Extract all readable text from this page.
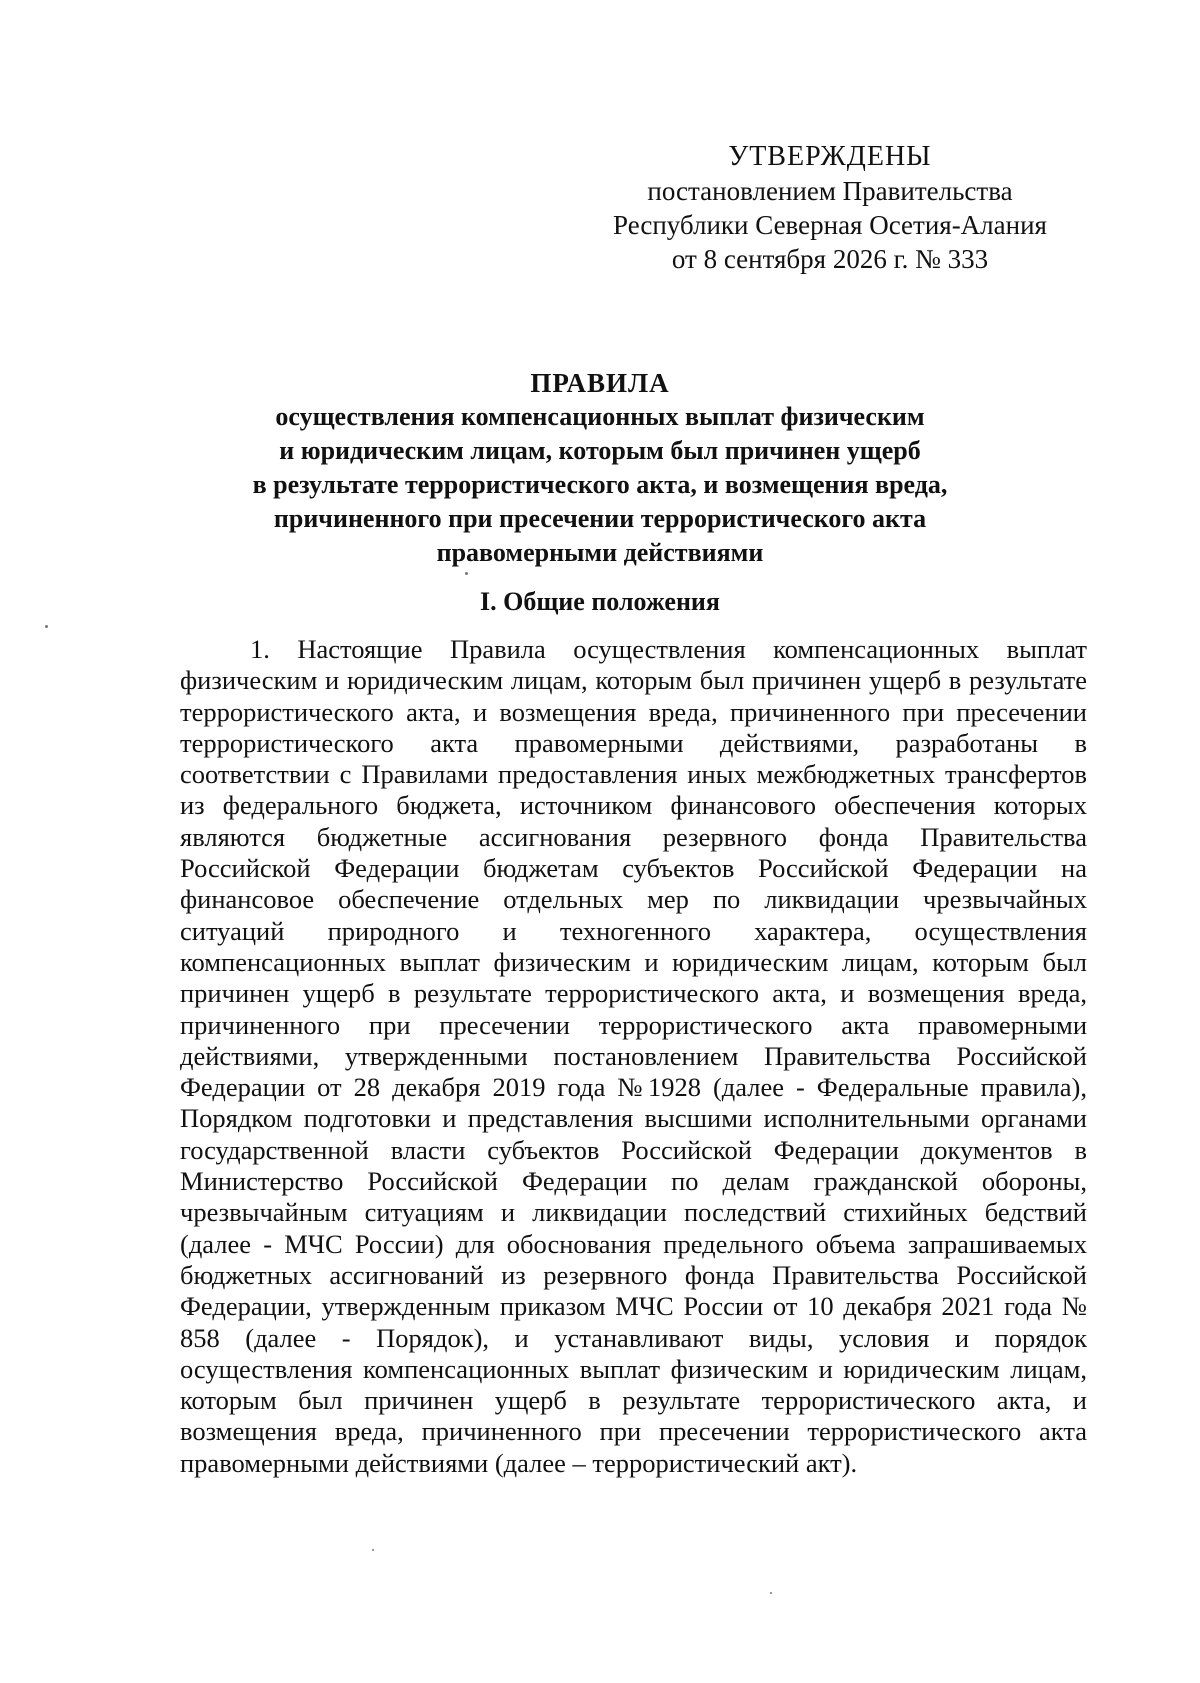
УТВЕРЖДЕНЫ
постановлением Правительства
Республики Северная Осетия-Алания
от 8 сентября 2026 г. № 333
ПРАВИЛА
осуществления компенсационных выплат физическим
и юридическим лицам, которым был причинен ущерб
в результате террористического акта, и возмещения вреда,
причиненного при пресечении террористического акта
правомерными действиями
I. Общие положения

1. Настоящие Правила осуществления компенсационных выплат физическим и юридическим лицам, которым был причинен ущерб в результате террористического акта, и возмещения вреда, причиненного при пресечении террористического акта правомерными действиями, разработаны в соответствии с Правилами предоставления иных межбюджетных трансфертов из федерального бюджета, источником финансового обеспечения которых являются бюджетные ассигнования резервного фонда Правительства Российской Федерации бюджетам субъектов Российской Федерации на финансовое обеспечение отдельных мер по ликвидации чрезвычайных ситуаций природного и техногенного характера, осуществления компенсационных выплат физическим и юридическим лицам, которым был причинен ущерб в результате террористического акта, и возмещения вреда, причиненного при пресечении террористического акта правомерными действиями, утвержденными постановлением Правительства Российской Федерации от 28 декабря 2019 года №1928 (далее - Федеральные правила), Порядком подготовки и представления высшими исполнительными органами государственной власти субъектов Российской Федерации документов в Министерство Российской Федерации по делам гражданской обороны, чрезвычайным ситуациям и ликвидации последствий стихийных бедствий (далее - МЧС России) для обоснования предельного объема запрашиваемых бюджетных ассигнований из резервного фонда Правительства Российской Федерации, утвержденным приказом МЧС России от 10 декабря 2021 года № 858 (далее - Порядок), и устанавливают виды, условия и порядок осуществления компенсационных выплат физическим и юридическим лицам, которым был причинен ущерб в результате террористического акта, и возмещения вреда, причиненного при пресечении террористического акта правомерными действиями (далее – террористический акт).
